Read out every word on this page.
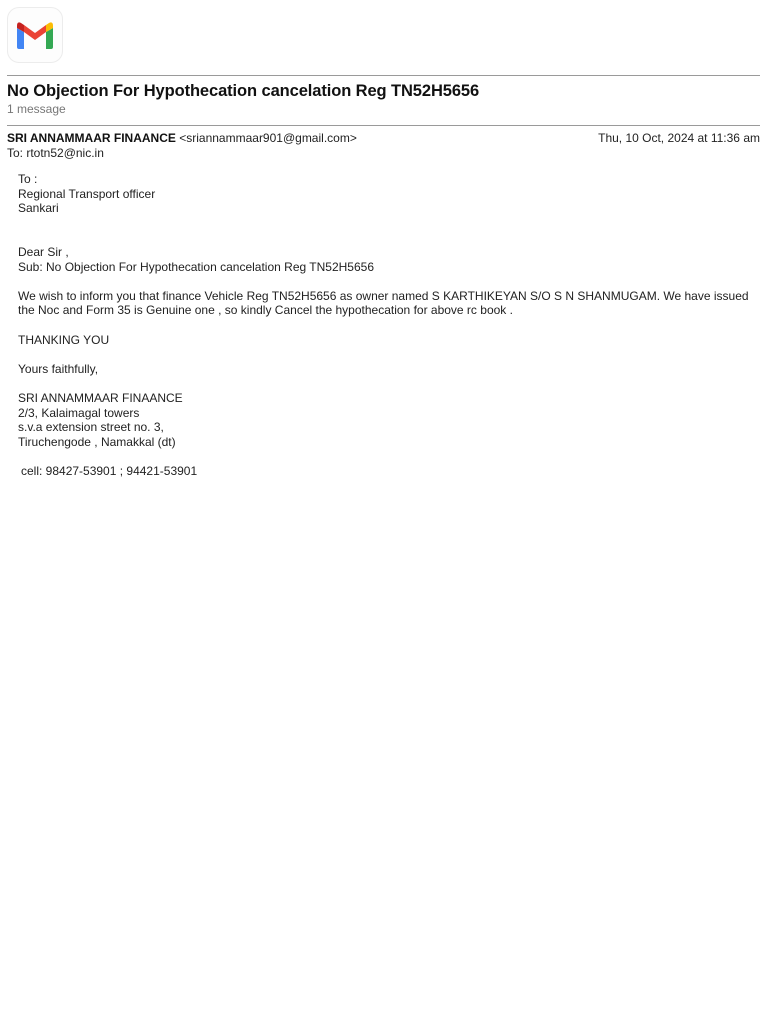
No Objection For Hypothecation cancelation Reg TN52H5656
1 message
SRI ANNAMMAAR FINAANCE <sriannammaar901@gmail.com>	Thu, 10 Oct, 2024 at 11:36 am
To: rtotn52@nic.in
To :
Regional Transport officer
Sankari
Dear Sir ,
Sub: No Objection For Hypothecation cancelation Reg TN52H5656
We wish to inform you that finance Vehicle Reg TN52H5656 as owner named S KARTHIKEYAN S/O S N SHANMUGAM. We have issued the Noc and Form 35 is Genuine one , so kindly Cancel the hypothecation for above rc book .
THANKING YOU
Yours faithfully,
SRI ANNAMMAAR FINAANCE
2/3, Kalaimagal towers
s.v.a extension street no. 3,
Tiruchengode , Namakkal (dt)
cell: 98427-53901 ; 94421-53901
